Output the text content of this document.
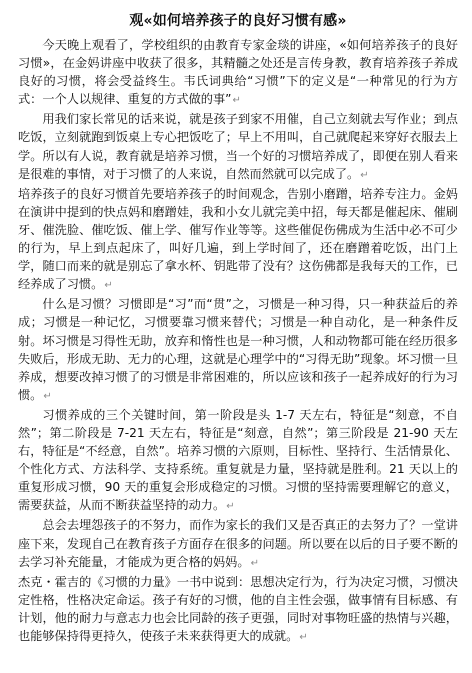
观«如何培养孩子的良好习惯有感»

今天晚上观看了，学校组织的由教育专家金琰的讲座，«如何培养孩子的良好习惯»，在金妈讲座中收获了很多，其精髓之处还是言传身教，教育培养孩子养成良好的习惯，将会受益终生。韦氏词典给“习惯”下的定义是“一种常见的行为方式：一个人以规律、重复的方式做的事”↵

用我们家长常见的话来说，就是孩子到家不用催，自己立刻就去写作业；到点吃饭，立刻就跑到饭桌上专心把饭吃了；早上不用叫，自己就爬起来穿好衣服去上学。所以有人说，教育就是培养习惯，当一个好的习惯培养成了，即便在别人看来是很难的事情，对于习惯了的人来说，自然而然就可以完成了。↵

培养孩子的良好习惯首先要培养孩子的时间观念，告别小磨蹭，培养专注力。金妈在演讲中提到的快点妈和磨蹭娃，我和小女儿就完美中招，每天都是催起床、催刷牙、催洗脸、催吃饭、催上学、催写作业等等。这些催促伤佛成为生活中必不可少的行为，早上到点起床了，叫好几遍，到上学时间了，还在磨蹭着吃饭，出门上学，随口而来的就是别忘了拿水杯、钥匙带了没有？这伤佛都是我每天的工作，已经养成了习惯。↵

什么是习惯？习惯即是“习”而“贯”之，习惯是一种习得，只一种获益后的养成；习惯是一种记忆，习惯要靠习惯来替代；习惯是一种自动化，是一种条件反射。坏习惯是习得性无助，放弃和惰性也是一种习惯，人和动物都可能在经历很多失败后，形成无助、无力的心理，这就是心理学中的“习得无助”现象。坏习惯一旦养成，想要改掉习惯了的习惯是非常困难的，所以应该和孩子一起养成好的行为习惯。↵

习惯养成的三个关键时间，第一阶段是头 1-7 天左右，特征是“刻意，不自然”；第二阶段是 7-21 天左右，特征是“刻意，自然”；第三阶段是 21-90 天左右，特征是“不经意，自然”。培养习惯的六原则，目标性、坚持行、生活情景化、个性化方式、方法科学、支持系统。重复就是力量，坚持就是胜利。21 天以上的重复形成习惯，90 天的重复会形成稳定的习惯。习惯的坚持需要理解它的意义，需要获益，从而不断获益坚持的动力。↵

总会去埋怨孩子的不努力，而作为家长的我们又是否真正的去努力了？一堂讲座下来，发现自己在教育孩子方面存在很多的问题。所以要在以后的日子要不断的去学习补充能量，才能成为更合格的妈妈。↵

杰克・霍吉的《习惯的力量》一书中说到：思想决定行为，行为决定习惯，习惯决定性格，性格决定命运。孩子有好的习惯，他的自主性会强，做事情有目标感、有计划，他的耐力与意志力也会比同龄的孩子更强，同时对事物旺盛的热情与兴趣，也能够保持得更持久，使孩子未来获得更大的成就。↵
